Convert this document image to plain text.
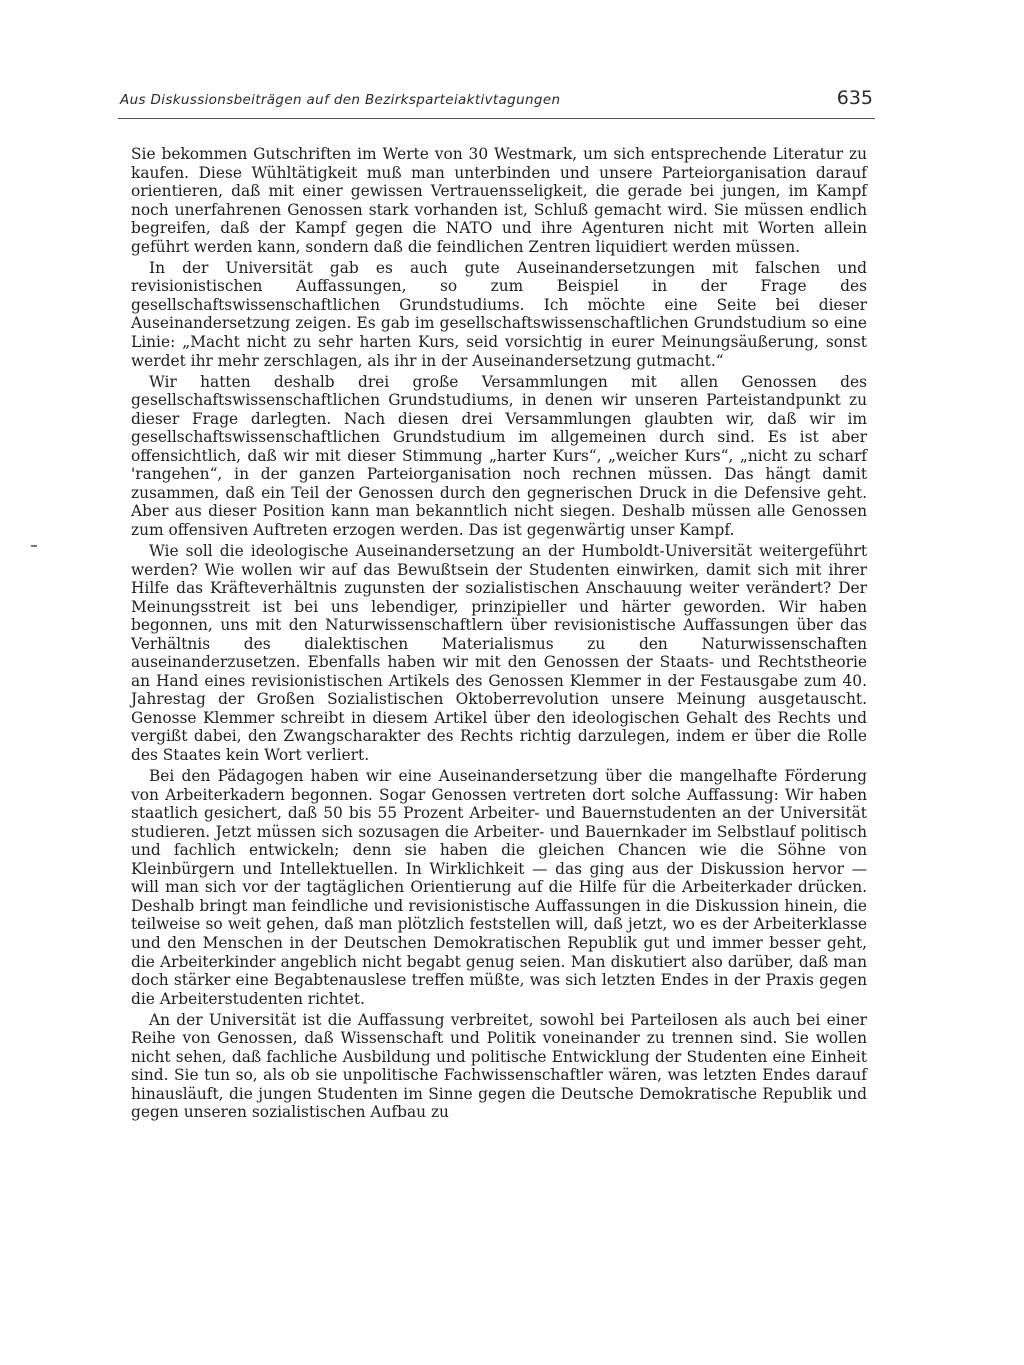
Aus Diskussionsbeiträgen auf den Bezirksparteiaktivtagungen	635

Sie bekommen Gutschriften im Werte von 30 Westmark, um sich entsprechende Literatur zu kaufen. Diese Wühltätigkeit muß man unterbinden und unsere Parteiorganisation darauf orientieren, daß mit einer gewissen Vertrauensseligkeit, die gerade bei jungen, im Kampf noch unerfahrenen Genossen stark vorhanden ist, Schluß gemacht wird. Sie müssen endlich begreifen, daß der Kampf gegen die NATO und ihre Agenturen nicht mit Worten allein geführt werden kann, sondern daß die feindlichen Zentren liquidiert werden müssen.

In der Universität gab es auch gute Auseinandersetzungen mit falschen und revisionistischen Auffassungen, so zum Beispiel in der Frage des gesellschaftswissenschaftlichen Grundstudiums. Ich möchte eine Seite bei dieser Auseinandersetzung zeigen. Es gab im gesellschaftswissenschaftlichen Grundstudium so eine Linie: „Macht nicht zu sehr harten Kurs, seid vorsichtig in eurer Meinungsäußerung, sonst werdet ihr mehr zerschlagen, als ihr in der Auseinandersetzung gutmacht.“

Wir hatten deshalb drei große Versammlungen mit allen Genossen des gesellschaftswissenschaftlichen Grundstudiums, in denen wir unseren Parteistandpunkt zu dieser Frage darlegten. Nach diesen drei Versammlungen glaubten wir, daß wir im gesellschaftswissenschaftlichen Grundstudium im allgemeinen durch sind. Es ist aber offensichtlich, daß wir mit dieser Stimmung „harter Kurs“, „weicher Kurs“, „nicht zu scharf 'rangehen“, in der ganzen Parteiorganisation noch rechnen müssen. Das hängt damit zusammen, daß ein Teil der Genossen durch den gegnerischen Druck in die Defensive geht. Aber aus dieser Position kann man bekanntlich nicht siegen. Deshalb müssen alle Genossen zum offensiven Auftreten erzogen werden. Das ist gegenwärtig unser Kampf.

Wie soll die ideologische Auseinandersetzung an der Humboldt-Universität weitergeführt werden? Wie wollen wir auf das Bewußtsein der Studenten einwirken, damit sich mit ihrer Hilfe das Kräfteverhältnis zugunsten der sozialistischen Anschauung weiter verändert? Der Meinungsstreit ist bei uns lebendiger, prinzipieller und härter geworden. Wir haben begonnen, uns mit den Naturwissenschaftlern über revisionistische Auffassungen über das Verhältnis des dialektischen Materialismus zu den Naturwissenschaften auseinanderzusetzen. Ebenfalls haben wir mit den Genossen der Staats- und Rechtstheorie an Hand eines revisionistischen Artikels des Genossen Klemmer in der Festausgabe zum 40. Jahrestag der Großen Sozialistischen Oktoberrevolution unsere Meinung ausgetauscht. Genosse Klemmer schreibt in diesem Artikel über den ideologischen Gehalt des Rechts und vergißt dabei, den Zwangscharakter des Rechts richtig darzulegen, indem er über die Rolle des Staates kein Wort verliert.

Bei den Pädagogen haben wir eine Auseinandersetzung über die mangelhafte Förderung von Arbeiterkadern begonnen. Sogar Genossen vertreten dort solche Auffassung: Wir haben staatlich gesichert, daß 50 bis 55 Prozent Arbeiter- und Bauernstudenten an der Universität studieren. Jetzt müssen sich sozusagen die Arbeiter- und Bauernkader im Selbstlauf politisch und fachlich entwickeln; denn sie haben die gleichen Chancen wie die Söhne von Kleinbürgern und Intellektuellen. In Wirklichkeit — das ging aus der Diskussion hervor — will man sich vor der tagtäglichen Orientierung auf die Hilfe für die Arbeiterkader drücken. Deshalb bringt man feindliche und revisionistische Auffassungen in die Diskussion hinein, die teilweise so weit gehen, daß man plötzlich feststellen will, daß jetzt, wo es der Arbeiterklasse und den Menschen in der Deutschen Demokratischen Republik gut und immer besser geht, die Arbeiterkinder angeblich nicht begabt genug seien. Man diskutiert also darüber, daß man doch stärker eine Begabtenauslese treffen müßte, was sich letzten Endes in der Praxis gegen die Arbeiterstudenten richtet.

An der Universität ist die Auffassung verbreitet, sowohl bei Parteilosen als auch bei einer Reihe von Genossen, daß Wissenschaft und Politik voneinander zu trennen sind. Sie wollen nicht sehen, daß fachliche Ausbildung und politische Entwicklung der Studenten eine Einheit sind. Sie tun so, als ob sie unpolitische Fachwissenschaftler wären, was letzten Endes darauf hinausläuft, die jungen Studenten im Sinne gegen die Deutsche Demokratische Republik und gegen unseren sozialistischen Aufbau zu
